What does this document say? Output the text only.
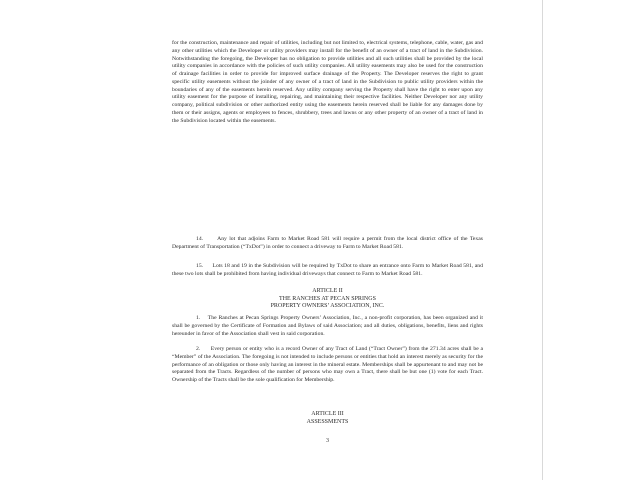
for the construction, maintenance and repair of utilities, including but not limited to, electrical systems, telephone, cable, water, gas and any other utilities which the Developer or utility providers may install for the benefit of an owner of a tract of land in the Subdivision. Notwithstanding the foregoing, the Developer has no obligation to provide utilities and all such utilities shall be provided by the local utility companies in accordance with the policies of such utility companies. All utility easements may also be used for the construction of drainage facilities in order to provide for improved surface drainage of the Property. The Developer reserves the right to grant specific utility easements without the joinder of any owner of a tract of land in the Subdivision to public utility providers within the boundaries of any of the easements herein reserved. Any utility company serving the Property shall have the right to enter upon any utility easement for the purpose of installing, repairing, and maintaining their respective facilities. Neither Developer nor any utility company, political subdivision or other authorized entity using the easements herein reserved shall be liable for any damages done by them or their assigns, agents or employees to fences, shrubbery, trees and lawns or any other property of an owner of a tract of land in the Subdivision located within the easements.

14.      Any lot that adjoins Farm to Market Road 581 will require a permit from the local district office of the Texas Department of Transportation (“TxDot”) in order to connect a driveway to Farm to Market Road 581.

15.      Lots 18 and 19 in the Subdivision will be required by TxDot to share an entrance onto Farm to Market Road 581, and these two lots shall be prohibited from having individual driveways that connect to Farm to Market Road 581.

ARTICLE II
THE RANCHES AT PECAN SPRINGS
PROPERTY OWNERS’ ASSOCIATION, INC.

1.    The Ranches at Pecan Springs Property Owners’ Association, Inc., a non-profit corporation, has been organized and it shall be governed by the Certificate of Formation and Bylaws of said Association; and all duties, obligations, benefits, liens and rights hereunder in favor of the Association shall vest in said corporation.

2.      Every person or entity who is a record Owner of any Tract of Land (“Tract Owner”) from the 271.34 acres shall be a “Member” of the Association. The foregoing is not intended to include persons or entities that hold an interest merely as security for the performance of an obligation or those only having an interest in the mineral estate. Memberships shall be appurtenant to and may not be separated from the Tracts. Regardless of the number of persons who may own a Tract, there shall be but one (1) vote for each Tract. Ownership of the Tracts shall be the sole qualification for Membership.

ARTICLE III
ASSESSMENTS
3
